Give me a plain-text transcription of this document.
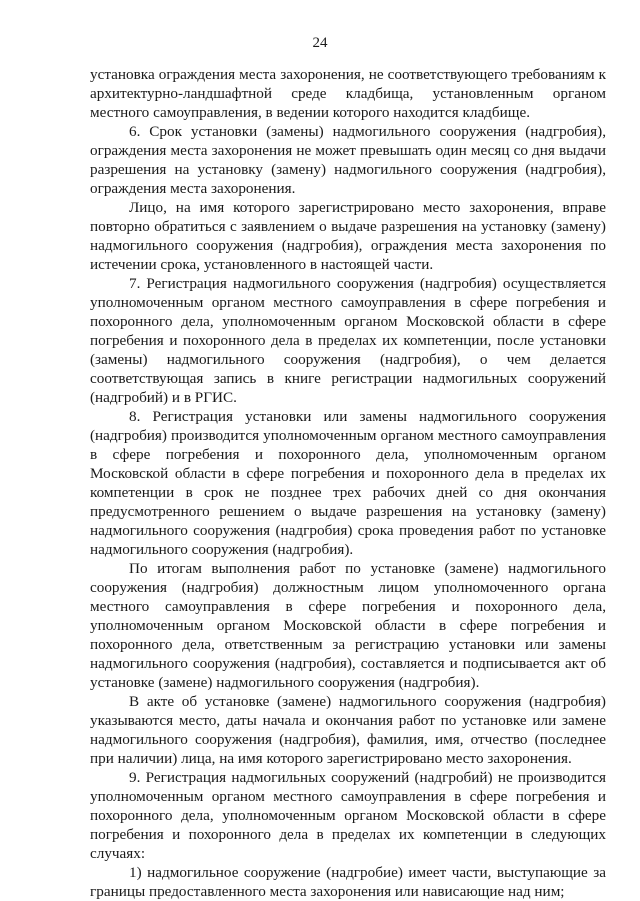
24

установка ограждения места захоронения, не соответствующего требованиям к архитектурно-ландшафтной среде кладбища, установленным органом местного самоуправления, в ведении которого находится кладбище.

6. Срок установки (замены) надмогильного сооружения (надгробия), ограждения места захоронения не может превышать один месяц со дня выдачи разрешения на установку (замену) надмогильного сооружения (надгробия), ограждения места захоронения.

Лицо, на имя которого зарегистрировано место захоронения, вправе повторно обратиться с заявлением о выдаче разрешения на установку (замену) надмогильного сооружения (надгробия), ограждения места захоронения по истечении срока, установленного в настоящей части.

7. Регистрация надмогильного сооружения (надгробия) осуществляется уполномоченным органом местного самоуправления в сфере погребения и похоронного дела, уполномоченным органом Московской области в сфере погребения и похоронного дела в пределах их компетенции, после установки (замены) надмогильного сооружения (надгробия), о чем делается соответствующая запись в книге регистрации надмогильных сооружений (надгробий) и в РГИС.

8. Регистрация установки или замены надмогильного сооружения (надгробия) производится уполномоченным органом местного самоуправления в сфере погребения и похоронного дела, уполномоченным органом Московской области в сфере погребения и похоронного дела в пределах их компетенции в срок не позднее трех рабочих дней со дня окончания предусмотренного решением о выдаче разрешения на установку (замену) надмогильного сооружения (надгробия) срока проведения работ по установке надмогильного сооружения (надгробия).

По итогам выполнения работ по установке (замене) надмогильного сооружения (надгробия) должностным лицом уполномоченного органа местного самоуправления в сфере погребения и похоронного дела, уполномоченным органом Московской области в сфере погребения и похоронного дела, ответственным за регистрацию установки или замены надмогильного сооружения (надгробия), составляется и подписывается акт об установке (замене) надмогильного сооружения (надгробия).

В акте об установке (замене) надмогильного сооружения (надгробия) указываются место, даты начала и окончания работ по установке или замене надмогильного сооружения (надгробия), фамилия, имя, отчество (последнее при наличии) лица, на имя которого зарегистрировано место захоронения.

9. Регистрация надмогильных сооружений (надгробий) не производится уполномоченным органом местного самоуправления в сфере погребения и похоронного дела, уполномоченным органом Московской области в сфере погребения и похоронного дела в пределах их компетенции в следующих случаях:

1) надмогильное сооружение (надгробие) имеет части, выступающие за границы предоставленного места захоронения или нависающие над ним;
